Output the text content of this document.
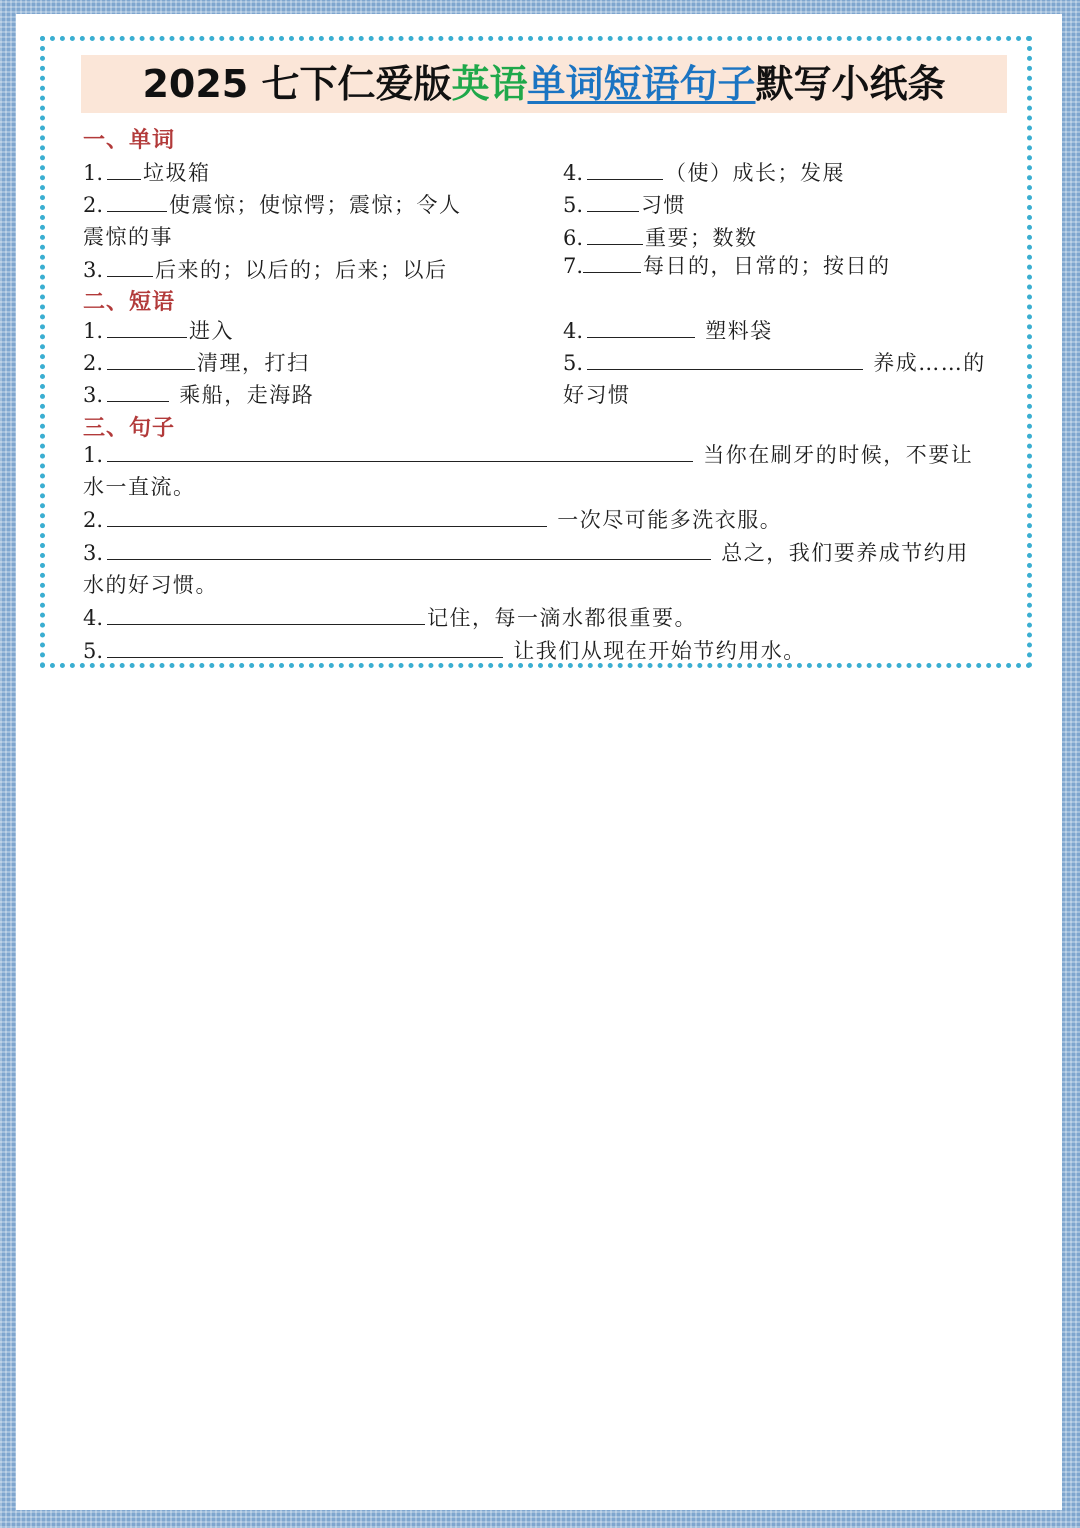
2025 七下仁爱版英语单词短语句子默写小纸条
一、单词
1. 垃圾箱
2.	使震惊；使惊愕；震惊；令人
震惊的事
3. 后来的；以后的；后来；以后
4.	（使）成长；发展
5.	习惯
6.	重要；数数
7.	每日的，日常的；按日的
二、短语
1.	进入
2.	清理，打扫
3.	乘船，走海路
4.	塑料袋
5.	养成……的
好习惯
三、句子
1.	当你在刷牙的时候，不要让
水一直流。
2.	一次尽可能多洗衣服。
3.	总之，我们要养成节约用
水的好习惯。
4.	记住，每一滴水都很重要。
5.	让我们从现在开始节约用水。
